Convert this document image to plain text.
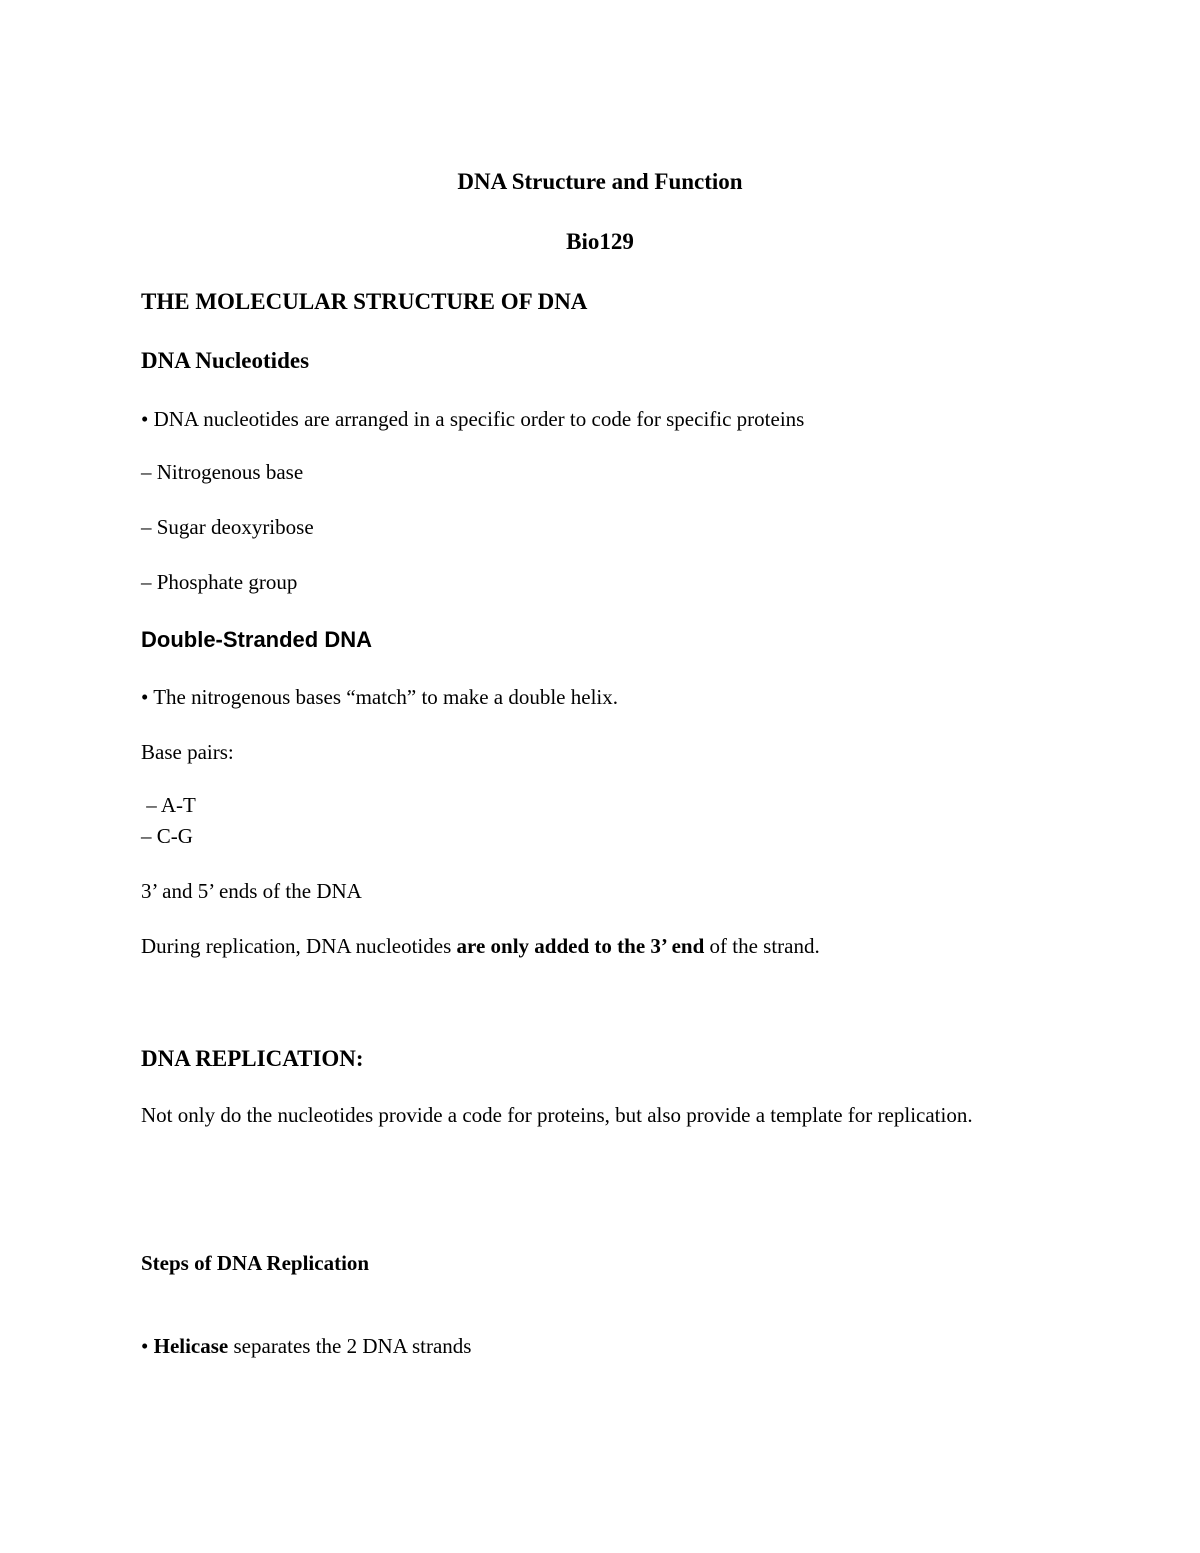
DNA Structure and Function

Bio129

THE MOLECULAR STRUCTURE OF DNA

DNA Nucleotides

• DNA nucleotides are arranged in a specific order to code for specific proteins

– Nitrogenous base

– Sugar deoxyribose

– Phosphate group

Double-Stranded DNA

• The nitrogenous bases “match” to make a double helix.

Base pairs:

– A-T

– C-G

3’ and 5’ ends of the DNA

During replication, DNA nucleotides are only added to the 3’ end of the strand.

DNA REPLICATION:

Not only do the nucleotides provide a code for proteins, but also provide a template for replication.

Steps of DNA Replication

• Helicase separates the 2 DNA strands
